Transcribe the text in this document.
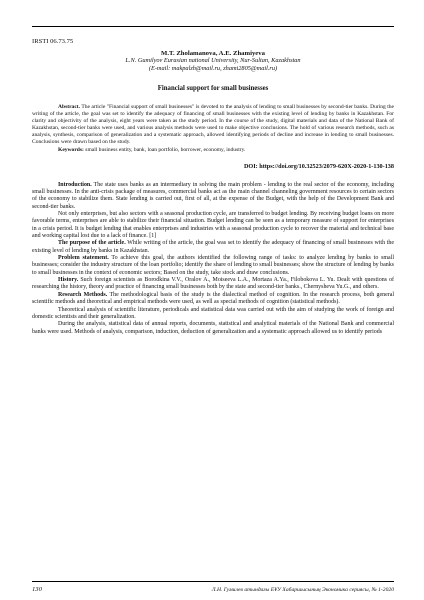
IRSTI 06.73.75
M.T. Zholamanova, A.E. Zhamiyeva
L.N. Gumilyov Eurasian national University, Nur-Sultan, Kazakhstan
(E-mail: makpalzh@mail.ru, zhami2805@mail.ru)
Financial support for small businesses
Abstract. The article "Financial support of small businesses" is devoted to the analysis of lending to small businesses by second-tier banks. During the writing of the article, the goal was set to identify the adequacy of financing of small businesses with the existing level of lending by banks in Kazakhstan. For clarity and objectivity of the analysis, eight years were taken as the study period. In the course of the study, digital materials and data of the National Bank of Kazakhstan, second-tier banks were used, and various analysis methods were used to make objective conclusions. The hold of various research methods, such as analysis, synthesis, comparison of generalization and a systematic approach, allowed identifying periods of decline and increase in lending to small businesses. Conclusions were drawn based on the study.
Keywords: small business entity, bank, loan portfolio, borrower, economy, industry.
DOI: https://doi.org/10.32523/2079-620X-2020-1-130-138

Introduction. The state uses banks as an intermediary in solving the main problem - lending to the real sector of the economy, including small businesses. In the anti-crisis package of measures, commercial banks act as the main channel channeling government resources to certain sectors of the economy to stabilize them. State lending is carried out, first of all, at the expense of the Budget, with the help of the Development Bank and second-tier banks.

Not only enterprises, but also sectors with a seasonal production cycle, are transferred to budget lending. By receiving budget loans on more favorable terms, enterprises are able to stabilize their financial situation. Budget lending can be seen as a temporary measure of support for enterprises in a crisis period. It is budget lending that enables enterprises and industries with a seasonal production cycle to recover the material and technical base and working capital lost due to a lack of finance. [1]

The purpose of the article. While writing of the article, the goal was set to identify the adequacy of financing of small businesses with the existing level of lending by banks in Kazakhstan.

Problem statement. To achieve this goal, the authors identified the following range of tasks: to analyze lending by banks to small businesses; consider the industry structure of the loan portfolio; identify the share of lending to small businesses; show the structure of lending by banks to small businesses in the context of economic sectors; Based on the study, take stock and draw conclusions.

History. Such foreign scientists as Borodkina V.V., Oralov A., Moiseeva L.A., Mortaza A.Ya., Filobokova L. Yu. Dealt with questions of researching the history, theory and practice of financing small businesses both by the state and second-tier banks., Chernysheva Yu.G., and others.

Research Methods. The methodological basis of the study is the dialectical method of cognition. In the research process, both general scientific methods and theoretical and empirical methods were used, as well as special methods of cognition (statistical methods).

Theoretical analysis of scientific literature, periodicals and statistical data was carried out with the aim of studying the work of foreign and domestic scientists and their generalization.

During the analysis, statistical data of annual reports, documents, statistical and analytical materials of the National Bank and commercial banks were used. Methods of analysis, comparison, induction, deduction of generalization and a systematic approach allowed us to identify periods

130	Л.Н. Гумилев атындағы ЕҰУ Хабаршысының Экономика сериясы, № 1-2020
